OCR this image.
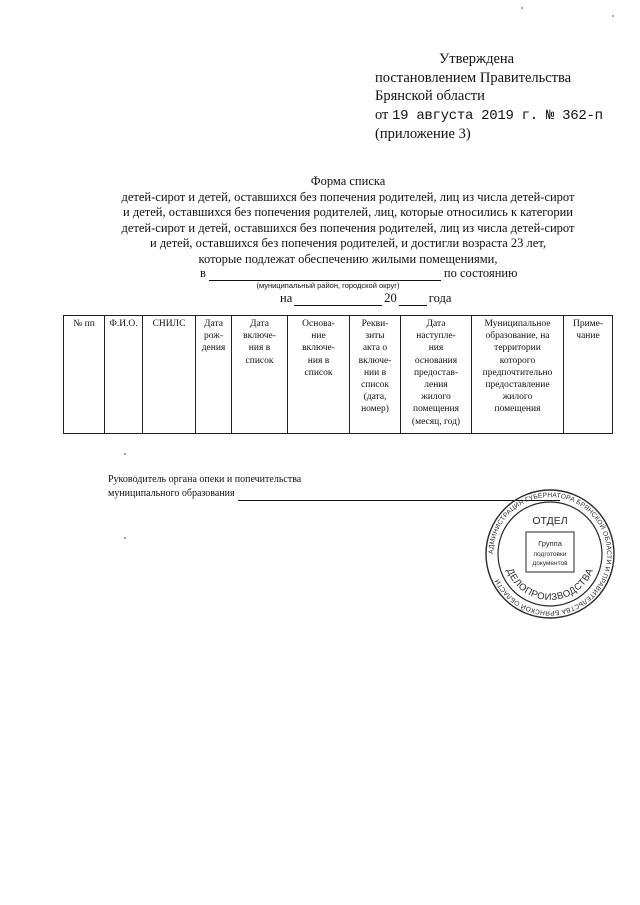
Утверждена
постановлением Правительства
Брянской области
от 19 августа 2019 г. № 362-п
(приложение 3)
Форма списка
детей-сирот и детей, оставшихся без попечения родителей, лиц из числа детей-сирот
и детей, оставшихся без попечения родителей, лиц, которые относились к категории
детей-сирот и детей, оставшихся без попечения родителей, лиц из числа детей-сирот
и детей, оставшихся без попечения родителей, и достигли возраста 23 лет,
которые подлежат обеспечению жилыми помещениями,
в	по состоянию
(муниципальный район, городской округ)
на	20	года
№ пп	Ф.И.О.	СНИЛС	Дата
рож-
дения	Дата
включе-
ния в
список	Основа-
ние
включе-
ния в
список	Рекви-
зиты
акта о
включе-
нии в
список
(дата,
номер)	Дата
наступле-
ния
основания
предостав-
ления
жилого
помещения
(месяц, год)	Муниципальное
образование, на
территории
которого
предпочтительно
предоставление
жилого
помещения	Приме-
чание
Руководитель органа опеки и попечительства
муниципального образования
АДМИНИСТРАЦИЯ ГУБЕРНАТОРА БРЯНСКОЙ ОБЛАСТИ И ПРАВИТЕЛЬСТВА БРЯНСКОЙ ОБЛАСТИ
ОТДЕЛ
ДЕЛОПРОИЗВОДСТВА
Группа
подготовки
документов
